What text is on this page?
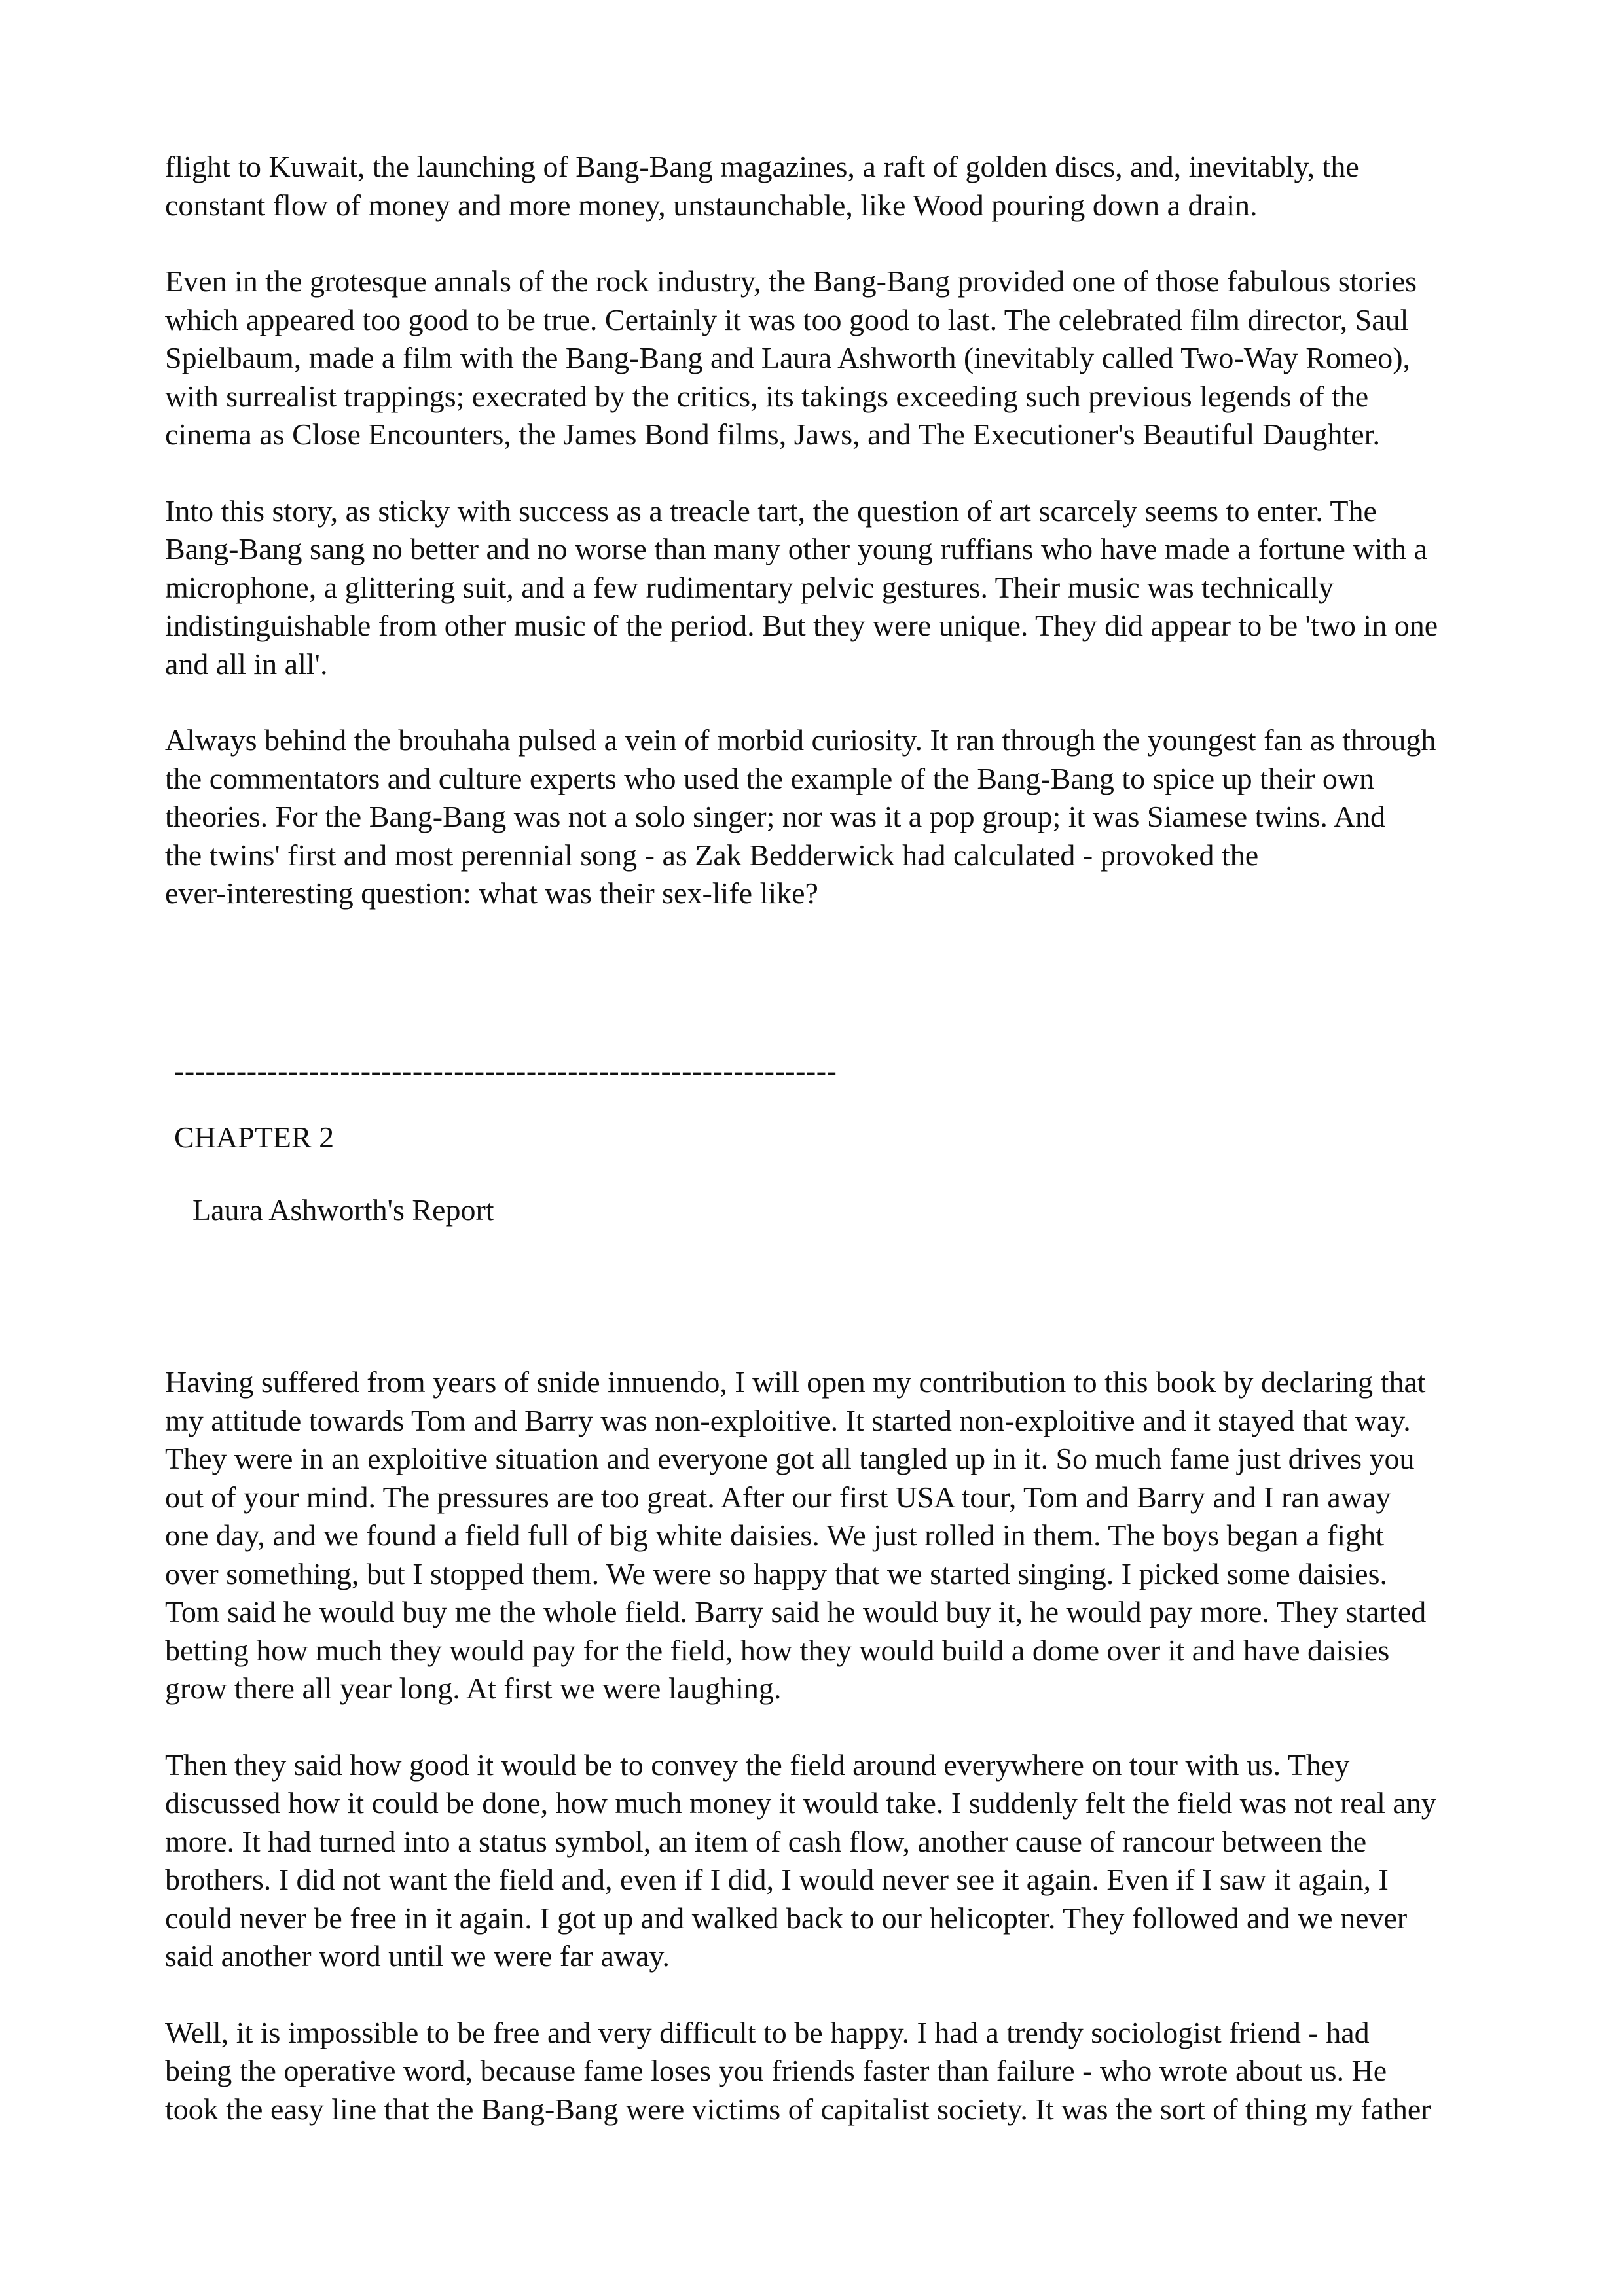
flight to Kuwait, the launching of Bang-Bang magazines, a raft of golden discs, and, inevitably, the
constant flow of money and more money, unstaunchable, like Wood pouring down a drain.

Even in the grotesque annals of the rock industry, the Bang-Bang provided one of those fabulous stories
which appeared too good to be true. Certainly it was too good to last. The celebrated film director, Saul
Spielbaum, made a film with the Bang-Bang and Laura Ashworth (inevitably called Two-Way Romeo),
with surrealist trappings; execrated by the critics, its takings exceeding such previous legends of the
cinema as Close Encounters, the James Bond films, Jaws, and The Executioner's Beautiful Daughter.

Into this story, as sticky with success as a treacle tart, the question of art scarcely seems to enter. The
Bang-Bang sang no better and no worse than many other young ruffians who have made a fortune with a
microphone, a glittering suit, and a few rudimentary pelvic gestures. Their music was technically
indistinguishable from other music of the period. But they were unique. They did appear to be 'two in one
and all in all'.

Always behind the brouhaha pulsed a vein of morbid curiosity. It ran through the youngest fan as through
the commentators and culture experts who used the example of the Bang-Bang to spice up their own
theories. For the Bang-Bang was not a solo singer; nor was it a pop group; it was Siamese twins. And
the twins' first and most perennial song - as Zak Bedderwick had calculated - provoked the
ever-interesting question: what was their sex-life like?

----------------------------------------------------------------

CHAPTER 2

Laura Ashworth's Report

Having suffered from years of snide innuendo, I will open my contribution to this book by declaring that
my attitude towards Tom and Barry was non-exploitive. It started non-exploitive and it stayed that way.
They were in an exploitive situation and everyone got all tangled up in it. So much fame just drives you
out of your mind. The pressures are too great. After our first USA tour, Tom and Barry and I ran away
one day, and we found a field full of big white daisies. We just rolled in them. The boys began a fight
over something, but I stopped them. We were so happy that we started singing. I picked some daisies.
Tom said he would buy me the whole field. Barry said he would buy it, he would pay more. They started
betting how much they would pay for the field, how they would build a dome over it and have daisies
grow there all year long. At first we were laughing.

Then they said how good it would be to convey the field around everywhere on tour with us. They
discussed how it could be done, how much money it would take. I suddenly felt the field was not real any
more. It had turned into a status symbol, an item of cash flow, another cause of rancour between the
brothers. I did not want the field and, even if I did, I would never see it again. Even if I saw it again, I
could never be free in it again. I got up and walked back to our helicopter. They followed and we never
said another word until we were far away.

Well, it is impossible to be free and very difficult to be happy. I had a trendy sociologist friend - had
being the operative word, because fame loses you friends faster than failure - who wrote about us. He
took the easy line that the Bang-Bang were victims of capitalist society. It was the sort of thing my father
